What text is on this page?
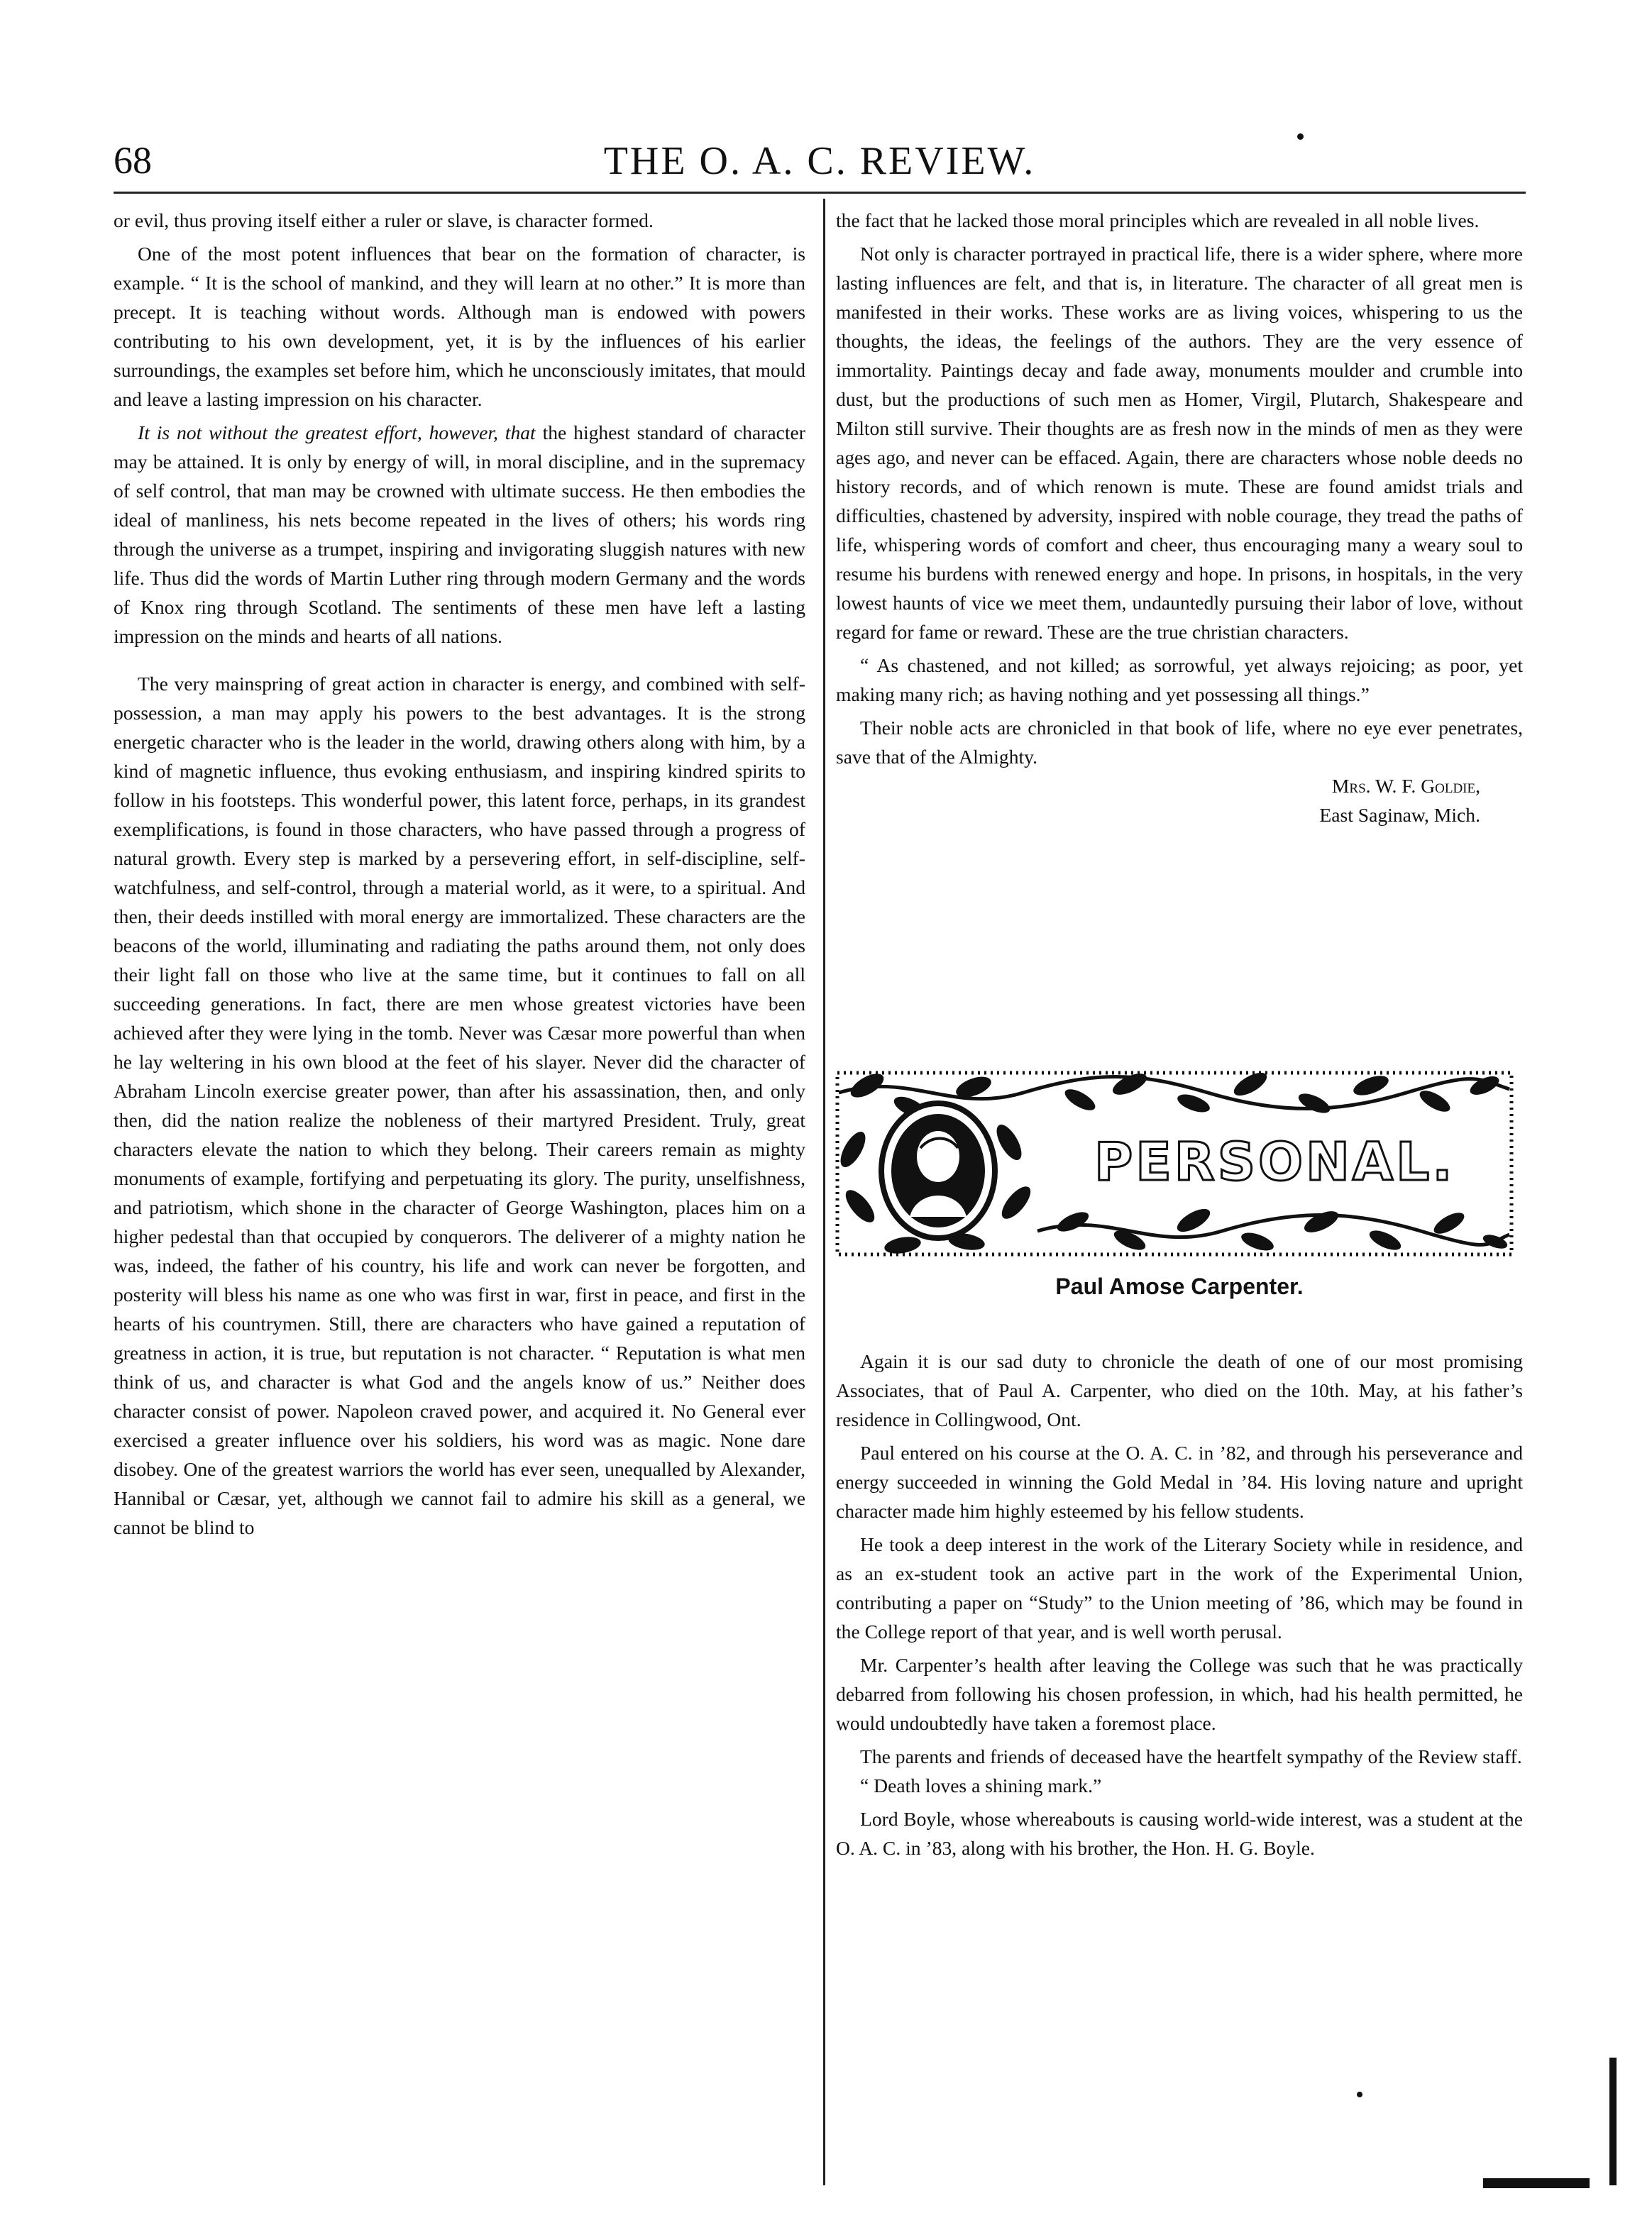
THE O. A. C. REVIEW.
68

or evil, thus proving itself either a ruler or slave, is character formed.

One of the most potent influences that bear on the formation of character, is example. “ It is the school of mankind, and they will learn at no other.” It is more than precept. It is teaching without words. Although man is endowed with powers contributing to his own development, yet, it is by the influences of his earlier surroundings, the examples set before him, which he unconsciously imitates, that mould and leave a lasting impression on his character.

It is not without the greatest effort, however, that the highest standard of character may be attained. It is only by energy of will, in moral discipline, and in the supremacy of self control, that man may be crowned with ultimate success. He then embodies the ideal of manliness, his nets become repeated in the lives of others; his words ring through the universe as a trumpet, inspiring and invigorating sluggish natures with new life. Thus did the words of Martin Luther ring through modern Germany and the words of Knox ring through Scotland. The sentiments of these men have left a lasting impression on the minds and hearts of all nations.

The very mainspring of great action in character is energy, and combined with self-possession, a man may apply his powers to the best advantages. It is the strong energetic character who is the leader in the world, drawing others along with him, by a kind of magnetic influence, thus evoking enthusiasm, and inspiring kindred spirits to follow in his footsteps. This wonderful power, this latent force, perhaps, in its grandest exemplifications, is found in those characters, who have passed through a progress of natural growth. Every step is marked by a persevering effort, in self-discipline, self-watchfulness, and self-control, through a material world, as it were, to a spiritual. And then, their deeds instilled with moral energy are immortalized. These characters are the beacons of the world, illuminating and radiating the paths around them, not only does their light fall on those who live at the same time, but it continues to fall on all succeeding generations. In fact, there are men whose greatest victories have been achieved after they were lying in the tomb. Never was Cæsar more powerful than when he lay weltering in his own blood at the feet of his slayer. Never did the character of Abraham Lincoln exercise greater power, than after his assassination, then, and only then, did the nation realize the nobleness of their martyred President. Truly, great characters elevate the nation to which they belong. Their careers remain as mighty monuments of example, fortifying and perpetuating its glory. The purity, unselfishness, and patriotism, which shone in the character of George Washington, places him on a higher pedestal than that occupied by conquerors. The deliverer of a mighty nation he was, indeed, the father of his country, his life and work can never be forgotten, and posterity will bless his name as one who was first in war, first in peace, and first in the hearts of his countrymen. Still, there are characters who have gained a reputation of greatness in action, it is true, but reputation is not character. “ Reputation is what men think of us, and character is what God and the angels know of us.” Neither does character consist of power. Napoleon craved power, and acquired it. No General ever exercised a greater influence over his soldiers, his word was as magic. None dare disobey. One of the greatest warriors the world has ever seen, unequalled by Alexander, Hannibal or Cæsar, yet, although we cannot fail to admire his skill as a general, we cannot be blind to

the fact that he lacked those moral principles which are revealed in all noble lives.

Not only is character portrayed in practical life, there is a wider sphere, where more lasting influences are felt, and that is, in literature. The character of all great men is manifested in their works. These works are as living voices, whispering to us the thoughts, the ideas, the feelings of the authors. They are the very essence of immortality. Paintings decay and fade away, monuments moulder and crumble into dust, but the productions of such men as Homer, Virgil, Plutarch, Shakespeare and Milton still survive. Their thoughts are as fresh now in the minds of men as they were ages ago, and never can be effaced. Again, there are characters whose noble deeds no history records, and of which renown is mute. These are found amidst trials and difficulties, chastened by adversity, inspired with noble courage, they tread the paths of life, whispering words of comfort and cheer, thus encouraging many a weary soul to resume his burdens with renewed energy and hope. In prisons, in hospitals, in the very lowest haunts of vice we meet them, undauntedly pursuing their labor of love, without regard for fame or reward. These are the true christian characters.

“ As chastened, and not killed; as sorrowful, yet always rejoicing; as poor, yet making many rich; as having nothing and yet possessing all things.”

Their noble acts are chronicled in that book of life, where no eye ever penetrates, save that of the Almighty.

Mrs. W. F. Goldie,

East Saginaw, Mich.

PERSONAL.
Paul Amose Carpenter.

Again it is our sad duty to chronicle the death of one of our most promising Associates, that of Paul A. Carpenter, who died on the 10th. May, at his father’s residence in Collingwood, Ont.

Paul entered on his course at the O. A. C. in ’82, and through his perseverance and energy succeeded in winning the Gold Medal in ’84. His loving nature and upright character made him highly esteemed by his fellow students.

He took a deep interest in the work of the Literary Society while in residence, and as an ex-student took an active part in the work of the Experimental Union, contributing a paper on “Study” to the Union meeting of ’86, which may be found in the College report of that year, and is well worth perusal.

Mr. Carpenter’s health after leaving the College was such that he was practically debarred from following his chosen profession, in which, had his health permitted, he would undoubtedly have taken a foremost place.

The parents and friends of deceased have the heartfelt sympathy of the Review staff.

“ Death loves a shining mark.”

Lord Boyle, whose whereabouts is causing world-wide interest, was a student at the O. A. C. in ’83, along with his brother, the Hon. H. G. Boyle.
